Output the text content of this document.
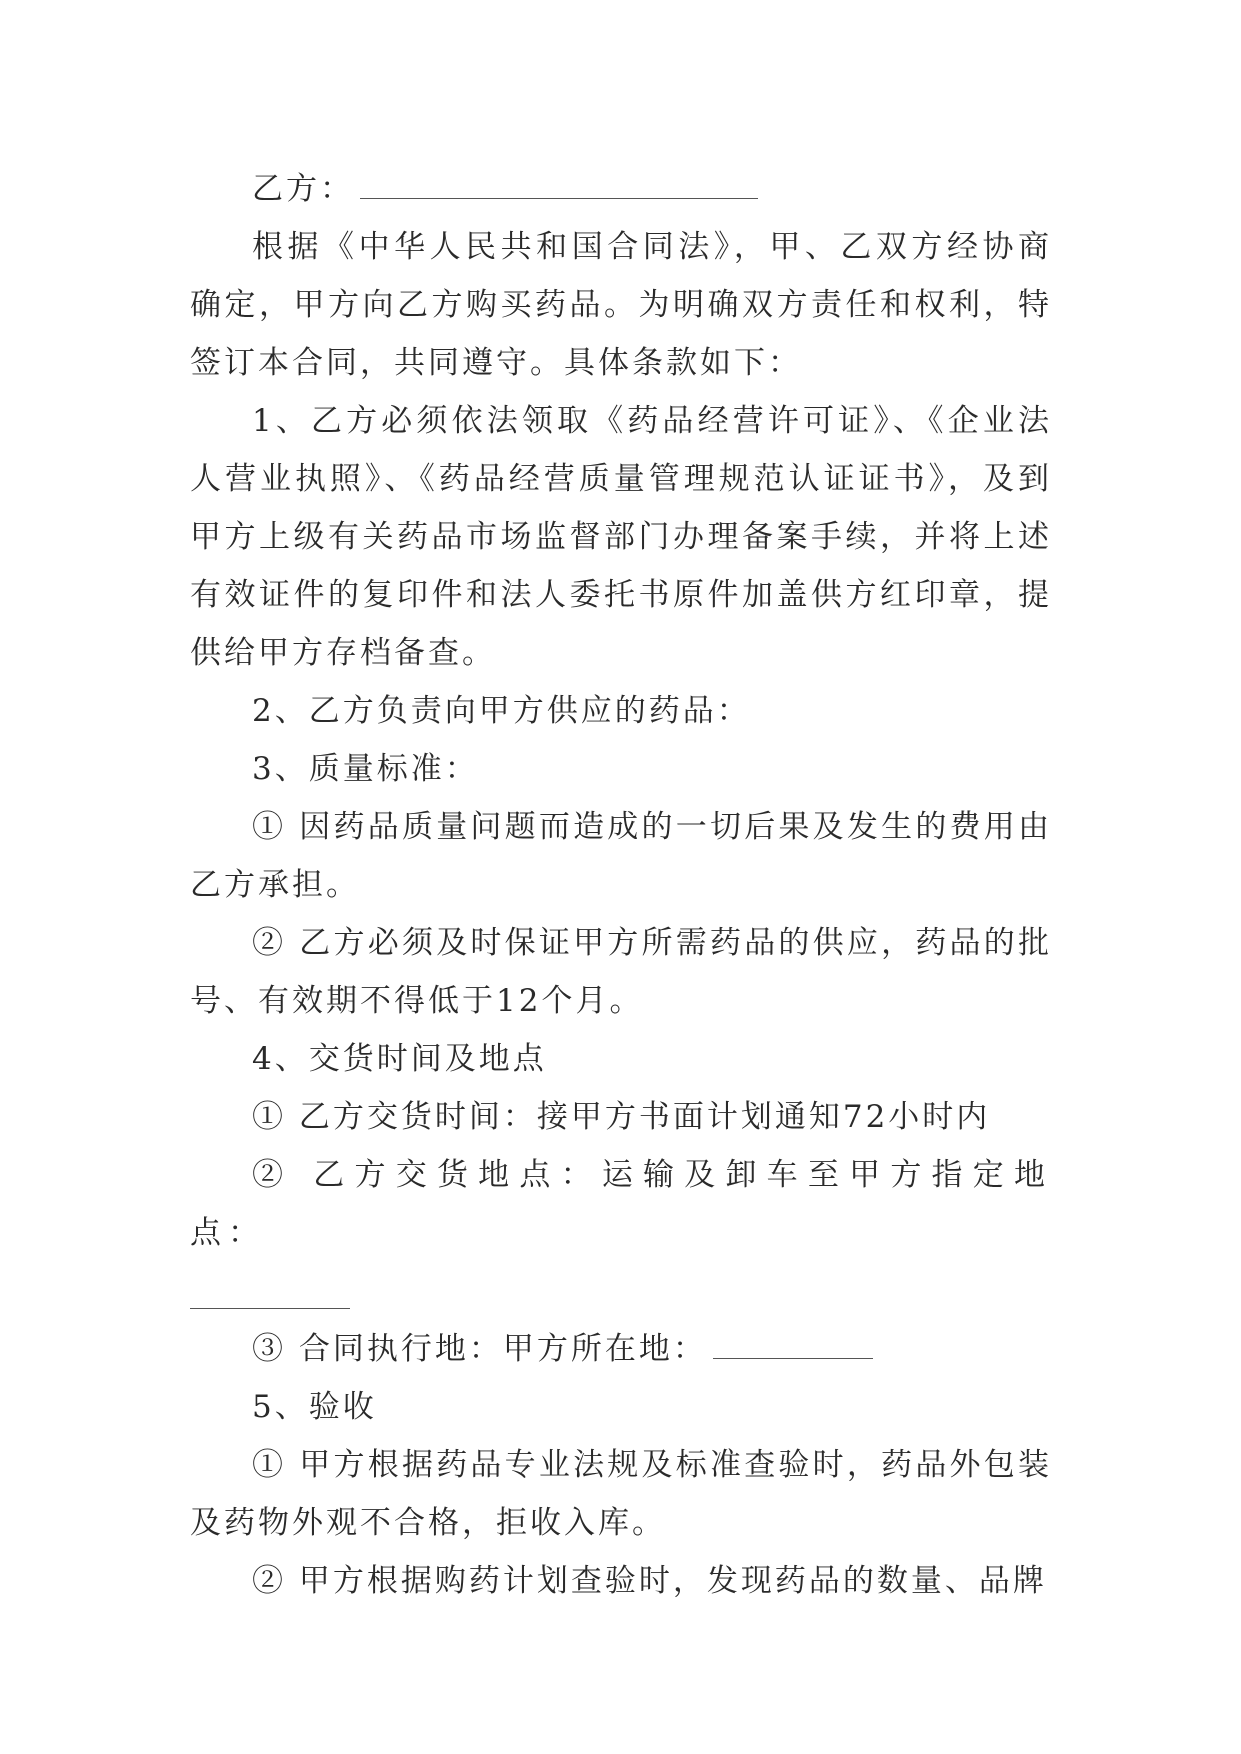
乙方：

根据《中华人民共和国合同法》，甲、乙双方经协商确定，甲方向乙方购买药品。为明确双方责任和权利，特签订本合同，共同遵守。具体条款如下：

1、乙方必须依法领取《药品经营许可证》、《企业法人营业执照》、《药品经营质量管理规范认证证书》，及到甲方上级有关药品市场监督部门办理备案手续，并将上述有效证件的复印件和法人委托书原件加盖供方红印章，提供给甲方存档备查。

2、乙方负责向甲方供应的药品：

3、质量标准：

① 因药品质量问题而造成的一切后果及发生的费用由乙方承担。

② 乙方必须及时保证甲方所需药品的供应，药品的批号、有效期不得低于12个月。

4、交货时间及地点

① 乙方交货时间：接甲方书面计划通知72小时内

② 乙方交货地点：运输及卸车至甲方指定地点：

③ 合同执行地：甲方所在地：

5、验收

① 甲方根据药品专业法规及标准查验时，药品外包装及药物外观不合格，拒收入库。

② 甲方根据购药计划查验时，发现药品的数量、品牌
